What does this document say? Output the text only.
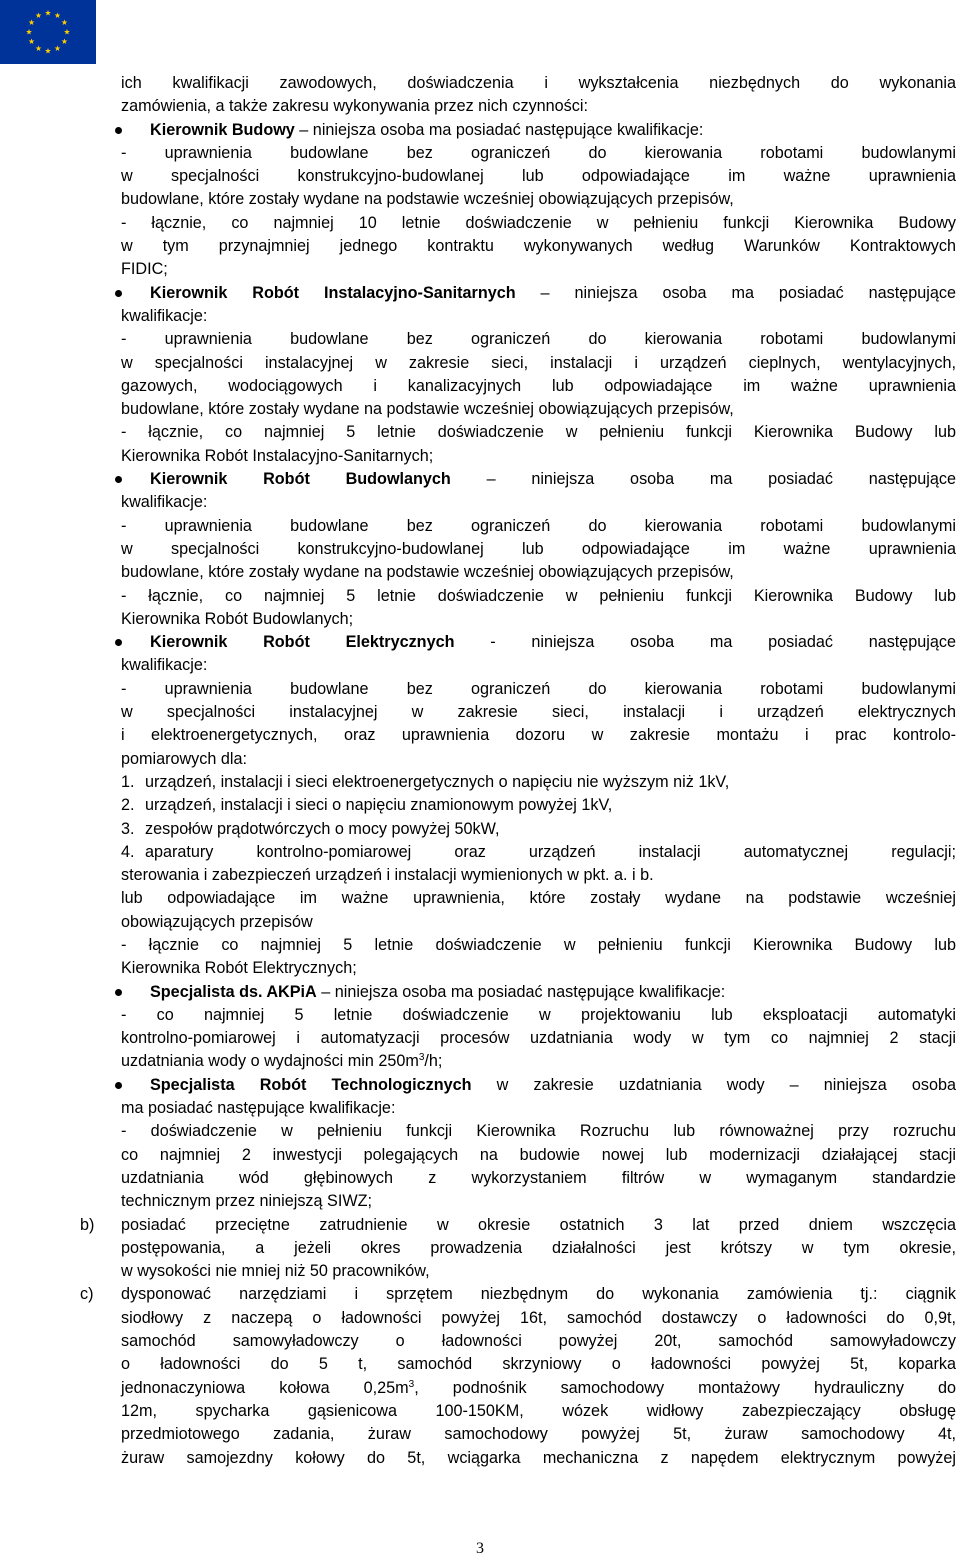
ich kwalifikacji zawodowych, doświadczenia i wykształcenia niezbędnych do wykonania
zamówienia, a także zakresu wykonywania przez nich czynności:
Kierownik Budowy – niniejsza osoba ma posiadać następujące kwalifikacje:
- uprawnienia budowlane bez ograniczeń do kierowania robotami budowlanymi
w specjalności konstrukcyjno-budowlanej lub odpowiadające im ważne uprawnienia
budowlane, które zostały wydane na podstawie wcześniej obowiązujących przepisów,
- łącznie, co najmniej 10 letnie doświadczenie w pełnieniu funkcji Kierownika Budowy
w tym przynajmniej jednego kontraktu wykonywanych według Warunków Kontraktowych
FIDIC;
Kierownik Robót Instalacyjno-Sanitarnych – niniejsza osoba ma posiadać następujące
kwalifikacje:
- uprawnienia budowlane bez ograniczeń do kierowania robotami budowlanymi
w specjalności instalacyjnej w zakresie sieci, instalacji i urządzeń cieplnych, wentylacyjnych,
gazowych, wodociągowych i kanalizacyjnych lub odpowiadające im ważne uprawnienia
budowlane, które zostały wydane na podstawie wcześniej obowiązujących przepisów,
- łącznie, co najmniej 5 letnie doświadczenie w pełnieniu funkcji Kierownika Budowy lub
Kierownika Robót Instalacyjno-Sanitarnych;
Kierownik Robót Budowlanych – niniejsza osoba ma posiadać następujące
kwalifikacje:
- uprawnienia budowlane bez ograniczeń do kierowania robotami budowlanymi
w specjalności konstrukcyjno-budowlanej lub odpowiadające im ważne uprawnienia
budowlane, które zostały wydane na podstawie wcześniej obowiązujących przepisów,
- łącznie, co najmniej 5 letnie doświadczenie w pełnieniu funkcji Kierownika Budowy lub
Kierownika Robót Budowlanych;
Kierownik Robót Elektrycznych - niniejsza osoba ma posiadać następujące
kwalifikacje:
- uprawnienia budowlane bez ograniczeń do kierowania robotami budowlanymi
w specjalności instalacyjnej w zakresie sieci, instalacji i urządzeń elektrycznych
i elektroenergetycznych, oraz uprawnienia dozoru w zakresie montażu i prac kontrolo-
pomiarowych dla:
1. urządzeń, instalacji i sieci elektroenergetycznych o napięciu nie wyższym niż 1kV,
2. urządzeń, instalacji i sieci o napięciu znamionowym powyżej 1kV,
3. zespołów prądotwórczych o mocy powyżej 50kW,
4. aparatury kontrolno-pomiarowej oraz urządzeń instalacji automatycznej regulacji;
sterowania i zabezpieczeń urządzeń i instalacji wymienionych w pkt. a. i b.
lub odpowiadające im ważne uprawnienia, które zostały wydane na podstawie wcześniej
obowiązujących przepisów
- łącznie co najmniej 5 letnie doświadczenie w pełnieniu funkcji Kierownika Budowy lub
Kierownika Robót Elektrycznych;
Specjalista ds. AKPiA – niniejsza osoba ma posiadać następujące kwalifikacje:
- co najmniej 5 letnie doświadczenie w projektowaniu lub eksploatacji automatyki
kontrolno-pomiarowej i automatyzacji procesów uzdatniania wody w tym co najmniej 2 stacji
uzdatniania wody o wydajności $\min 250m^3/h$;
Specjalista Robót Technologicznych w zakresie uzdatniania wody – niniejsza osoba
ma posiadać następujące kwalifikacje:
- doświadczenie w pełnieniu funkcji Kierownika Rozruchu lub równoważnej przy rozruchu
co najmniej 2 inwestycji polegających na budowie nowej lub modernizacji działającej stacji
uzdatniania wód głębinowych z wykorzystaniem filtrów w wymaganym standardzie
technicznym przez niniejszą SIWZ;
b) posiadać przeciętne zatrudnienie w okresie ostatnich 3 lat przed dniem wszczęcia
postępowania, a jeżeli okres prowadzenia działalności jest krótszy w tym okresie,
w wysokości nie mniej niż 50 pracowników,
c) dysponować narzędziami i sprzętem niezbędnym do wykonania zamówienia tj.: ciągnik
siodłowy z naczepą o ładowności powyżej 16t, samochód dostawczy o ładowności do 0,9t,
samochód samowyładowczy o ładowności powyżej 20t, samochód samowyładowczy
o ładowności do 5 t, samochód skrzyniowy o ładowności powyżej 5t, koparka
jednonaczyniowa kołowa $0,25m^3$, podnośnik samochodowy montażowy hydrauliczny do
12m, spycharka gąsienicowa 100-150KM, wózek widłowy zabezpieczający obsługę
przedmiotowego zadania, żuraw samochodowy powyżej 5t, żuraw samochodowy 4t,
żuraw samojezdny kołowy do 5t, wciągarka mechaniczna z napędem elektrycznym powyżej
3
